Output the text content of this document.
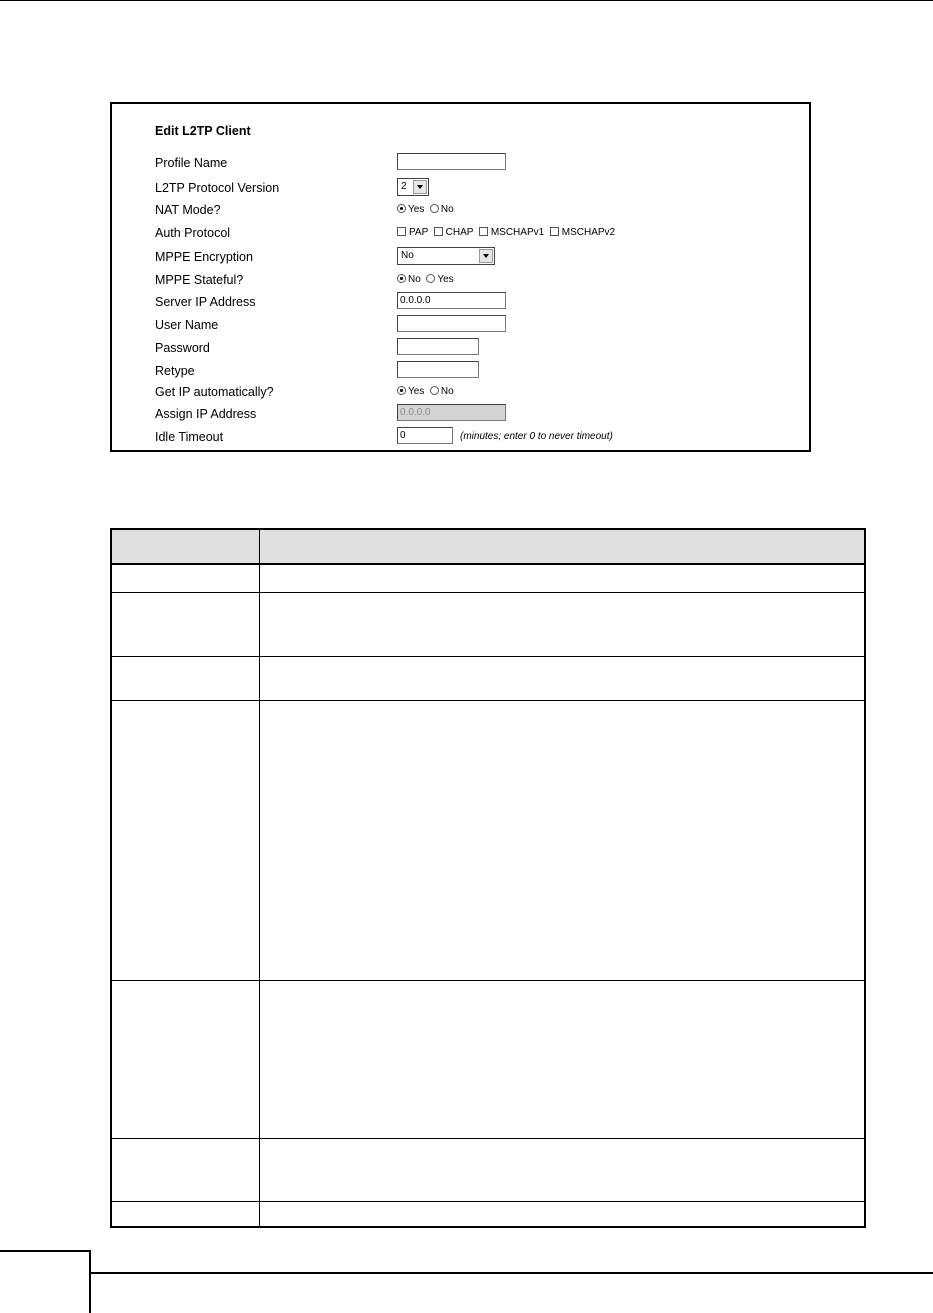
Edit L2TP Client
Profile Name
L2TP Protocol Version	2
NAT Mode?	Yes No
Auth Protocol	PAP CHAP MSCHAPv1 MSCHAPv2
MPPE Encryption	No
MPPE Stateful?	No Yes
Server IP Address	0.0.0.0
User Name
Password
Retype
Get IP automatically?	Yes No
Assign IP Address	0.0.0.0
Idle Timeout	0	(minutes; enter 0 to never timeout)
